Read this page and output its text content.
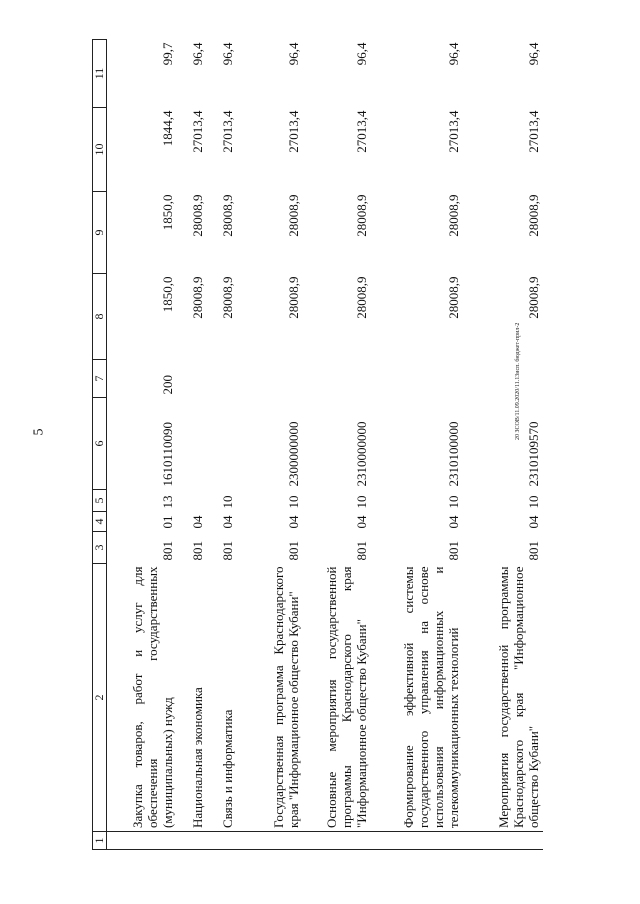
5	20 ЗСОВ/11.09.2020/11.13исп. бюджет-прил-2
1	2	3	4	5	6	7	8	9	10	11
	Закупка товаров, работ и услуг для обеспечения государственных (муниципальных) нужд	801	01	13	1610110090	200	1850,0	1850,0	1844,4	99,7
	Национальная экономика	801	04				28008,9	28008,9	27013,4	96,4
	Связь и информатика	801	04	10			28008,9	28008,9	27013,4	96,4
	Государственная программа Краснодарского края "Информационное общество Кубани"	801	04	10	2300000000		28008,9	28008,9	27013,4	96,4
	Основные мероприятия государственной программы Краснодарского края "Информационное общество Кубани"	801	04	10	2310000000		28008,9	28008,9	27013,4	96,4
	Формирование эффективной системы государственного управления на основе использования информационных и телекоммуникационных технологий	801	04	10	2310100000		28008,9	28008,9	27013,4	96,4
	Мероприятия государственной программы Краснодарского края "Информационное общество Кубани"	801	04	10	2310109570		28008,9	28008,9	27013,4	96,4
